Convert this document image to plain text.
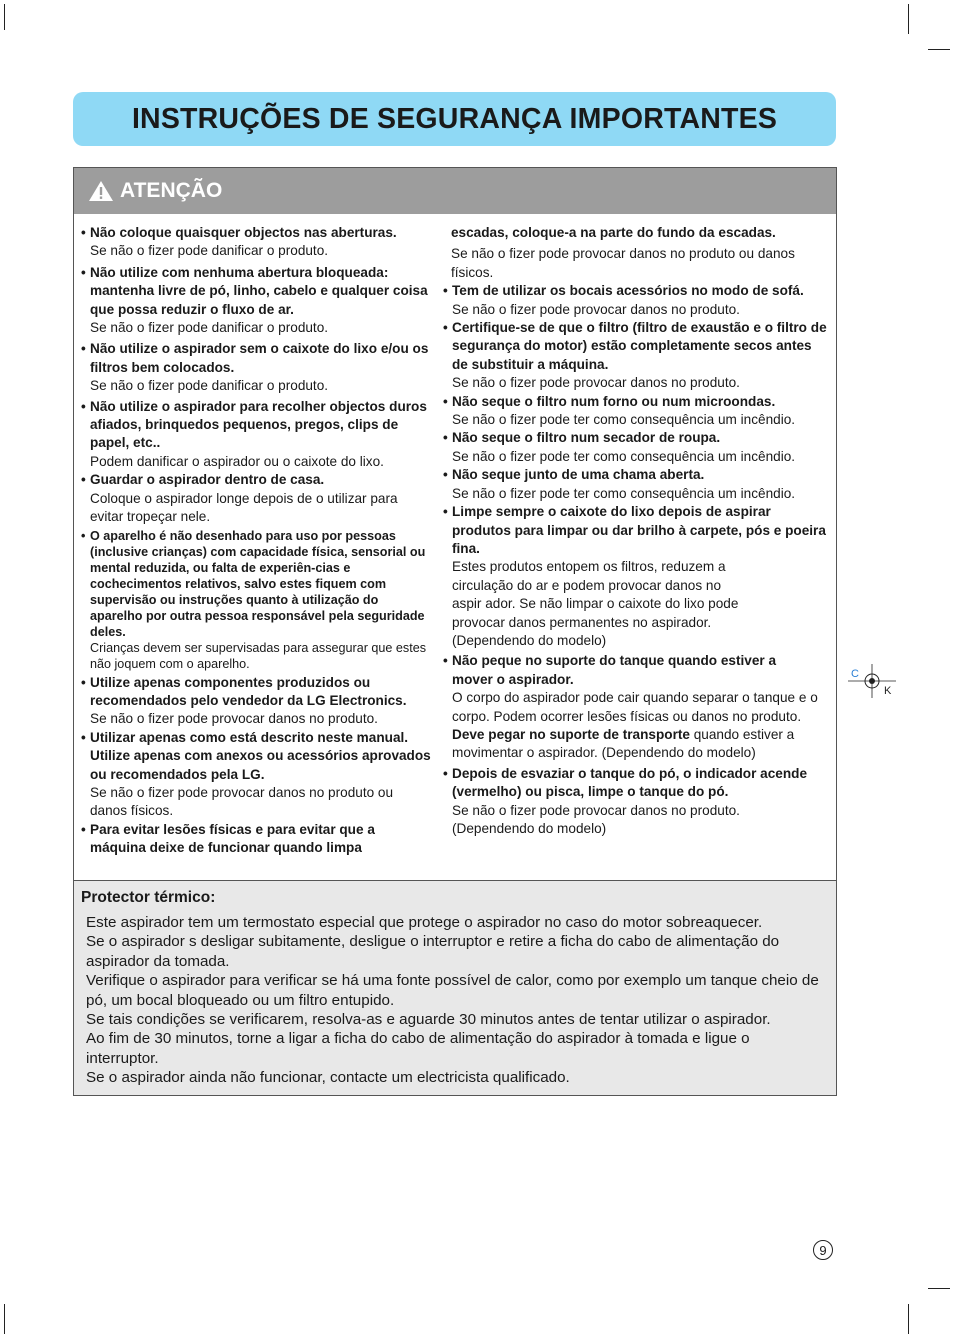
INSTRUÇÕES DE SEGURANÇA IMPORTANTES
ATENÇÃO
• Não coloque quaisquer objectos nas aberturas.
Se não o fizer pode danificar o produto.
• Não utilize com nenhuma abertura bloqueada: mantenha livre de pó, linho, cabelo e qualquer coisa que possa reduzir o fluxo de ar.
Se não o fizer pode danificar o produto.
• Não utilize o aspirador sem o caixote do lixo e/ou os filtros bem colocados.
Se não o fizer pode danificar o produto.
• Não utilize o aspirador para recolher objectos duros afiados, brinquedos pequenos, pregos, clips de papel, etc..
Podem danificar o aspirador ou o caixote do lixo.
• Guardar o aspirador dentro de casa.
Coloque o aspirador longe depois de o utilizar para evitar tropeçar nele.
• O aparelho é não desenhado para uso por pessoas (inclusive crianças) com capacidade física, sensorial ou mental reduzida, ou falta de experiên-cias e cochecimentos relativos, salvo estes fiquem com supervisão ou instruções quanto à utilização do aparelho por outra pessoa responsável pela seguridade deles.
Crianças devem ser supervisadas para assegurar que estes não joquem com o aparelho.
• Utilize apenas componentes produzidos ou recomendados pelo vendedor da LG Electronics.
Se não o fizer pode provocar danos no produto.
• Utilizar apenas como está descrito neste manual. Utilize apenas com anexos ou acessórios aprovados ou recomendados pela LG.
Se não o fizer pode provocar danos no produto ou danos físicos.
• Para evitar lesões físicas e para evitar que a máquina deixe de funcionar quando limpa
escadas, coloque-a na parte do fundo da escadas.
Se não o fizer pode provocar danos no produto ou danos físicos.
• Tem de utilizar os bocais acessórios no modo de sofá.
Se não o fizer pode provocar danos no produto.
• Certifique-se de que o filtro (filtro de exaustão e o filtro de segurança do motor) estão completamente secos antes de substituir a máquina.
Se não o fizer pode provocar danos no produto.
• Não seque o filtro num forno ou num microondas.
Se não o fizer pode ter como consequência um incêndio.
• Não seque o filtro num secador de roupa.
Se não o fizer pode ter como consequência um incêndio.
• Não seque junto de uma chama aberta.
Se não o fizer pode ter como consequência um incêndio.
• Limpe sempre o caixote do lixo depois de aspirar produtos para limpar ou dar brilho à carpete, pós e poeira fina.
Estes produtos entopem os filtros, reduzem a circulação do ar e podem provocar danos no aspir ador. Se não limpar o caixote do lixo pode provocar danos permanentes no aspirador. (Dependendo do modelo)
• Não peque no suporte do tanque quando estiver a mover o aspirador.
O corpo do aspirador pode cair quando separar o tanque e o corpo. Podem ocorrer lesões físicas ou danos no produto.
Deve pegar no suporte de transporte quando estiver a movimentar o aspirador. (Dependendo do modelo)
• Depois de esvaziar o tanque do pó, o indicador acende (vermelho) ou pisca, limpe o tanque do pó.
Se não o fizer pode provocar danos no produto. (Dependendo do modelo)
Protector térmico:

Este aspirador tem um termostato especial que protege o aspirador no caso do motor sobreaquecer.

Se o aspirador s desligar subitamente, desligue o interruptor e retire a ficha do cabo de alimentação do aspirador da tomada.

Verifique o aspirador para verificar se há uma fonte possível de calor, como por exemplo um tanque cheio de pó, um bocal bloqueado ou um filtro entupido.

Se tais condições se verificarem, resolva-as e aguarde 30 minutos antes de tentar utilizar o aspirador.

Ao fim de 30 minutos, torne a ligar a ficha do cabo de alimentação do aspirador à tomada e ligue o interruptor.

Se o aspirador ainda não funcionar, contacte um electricista qualificado.

C
K
9
